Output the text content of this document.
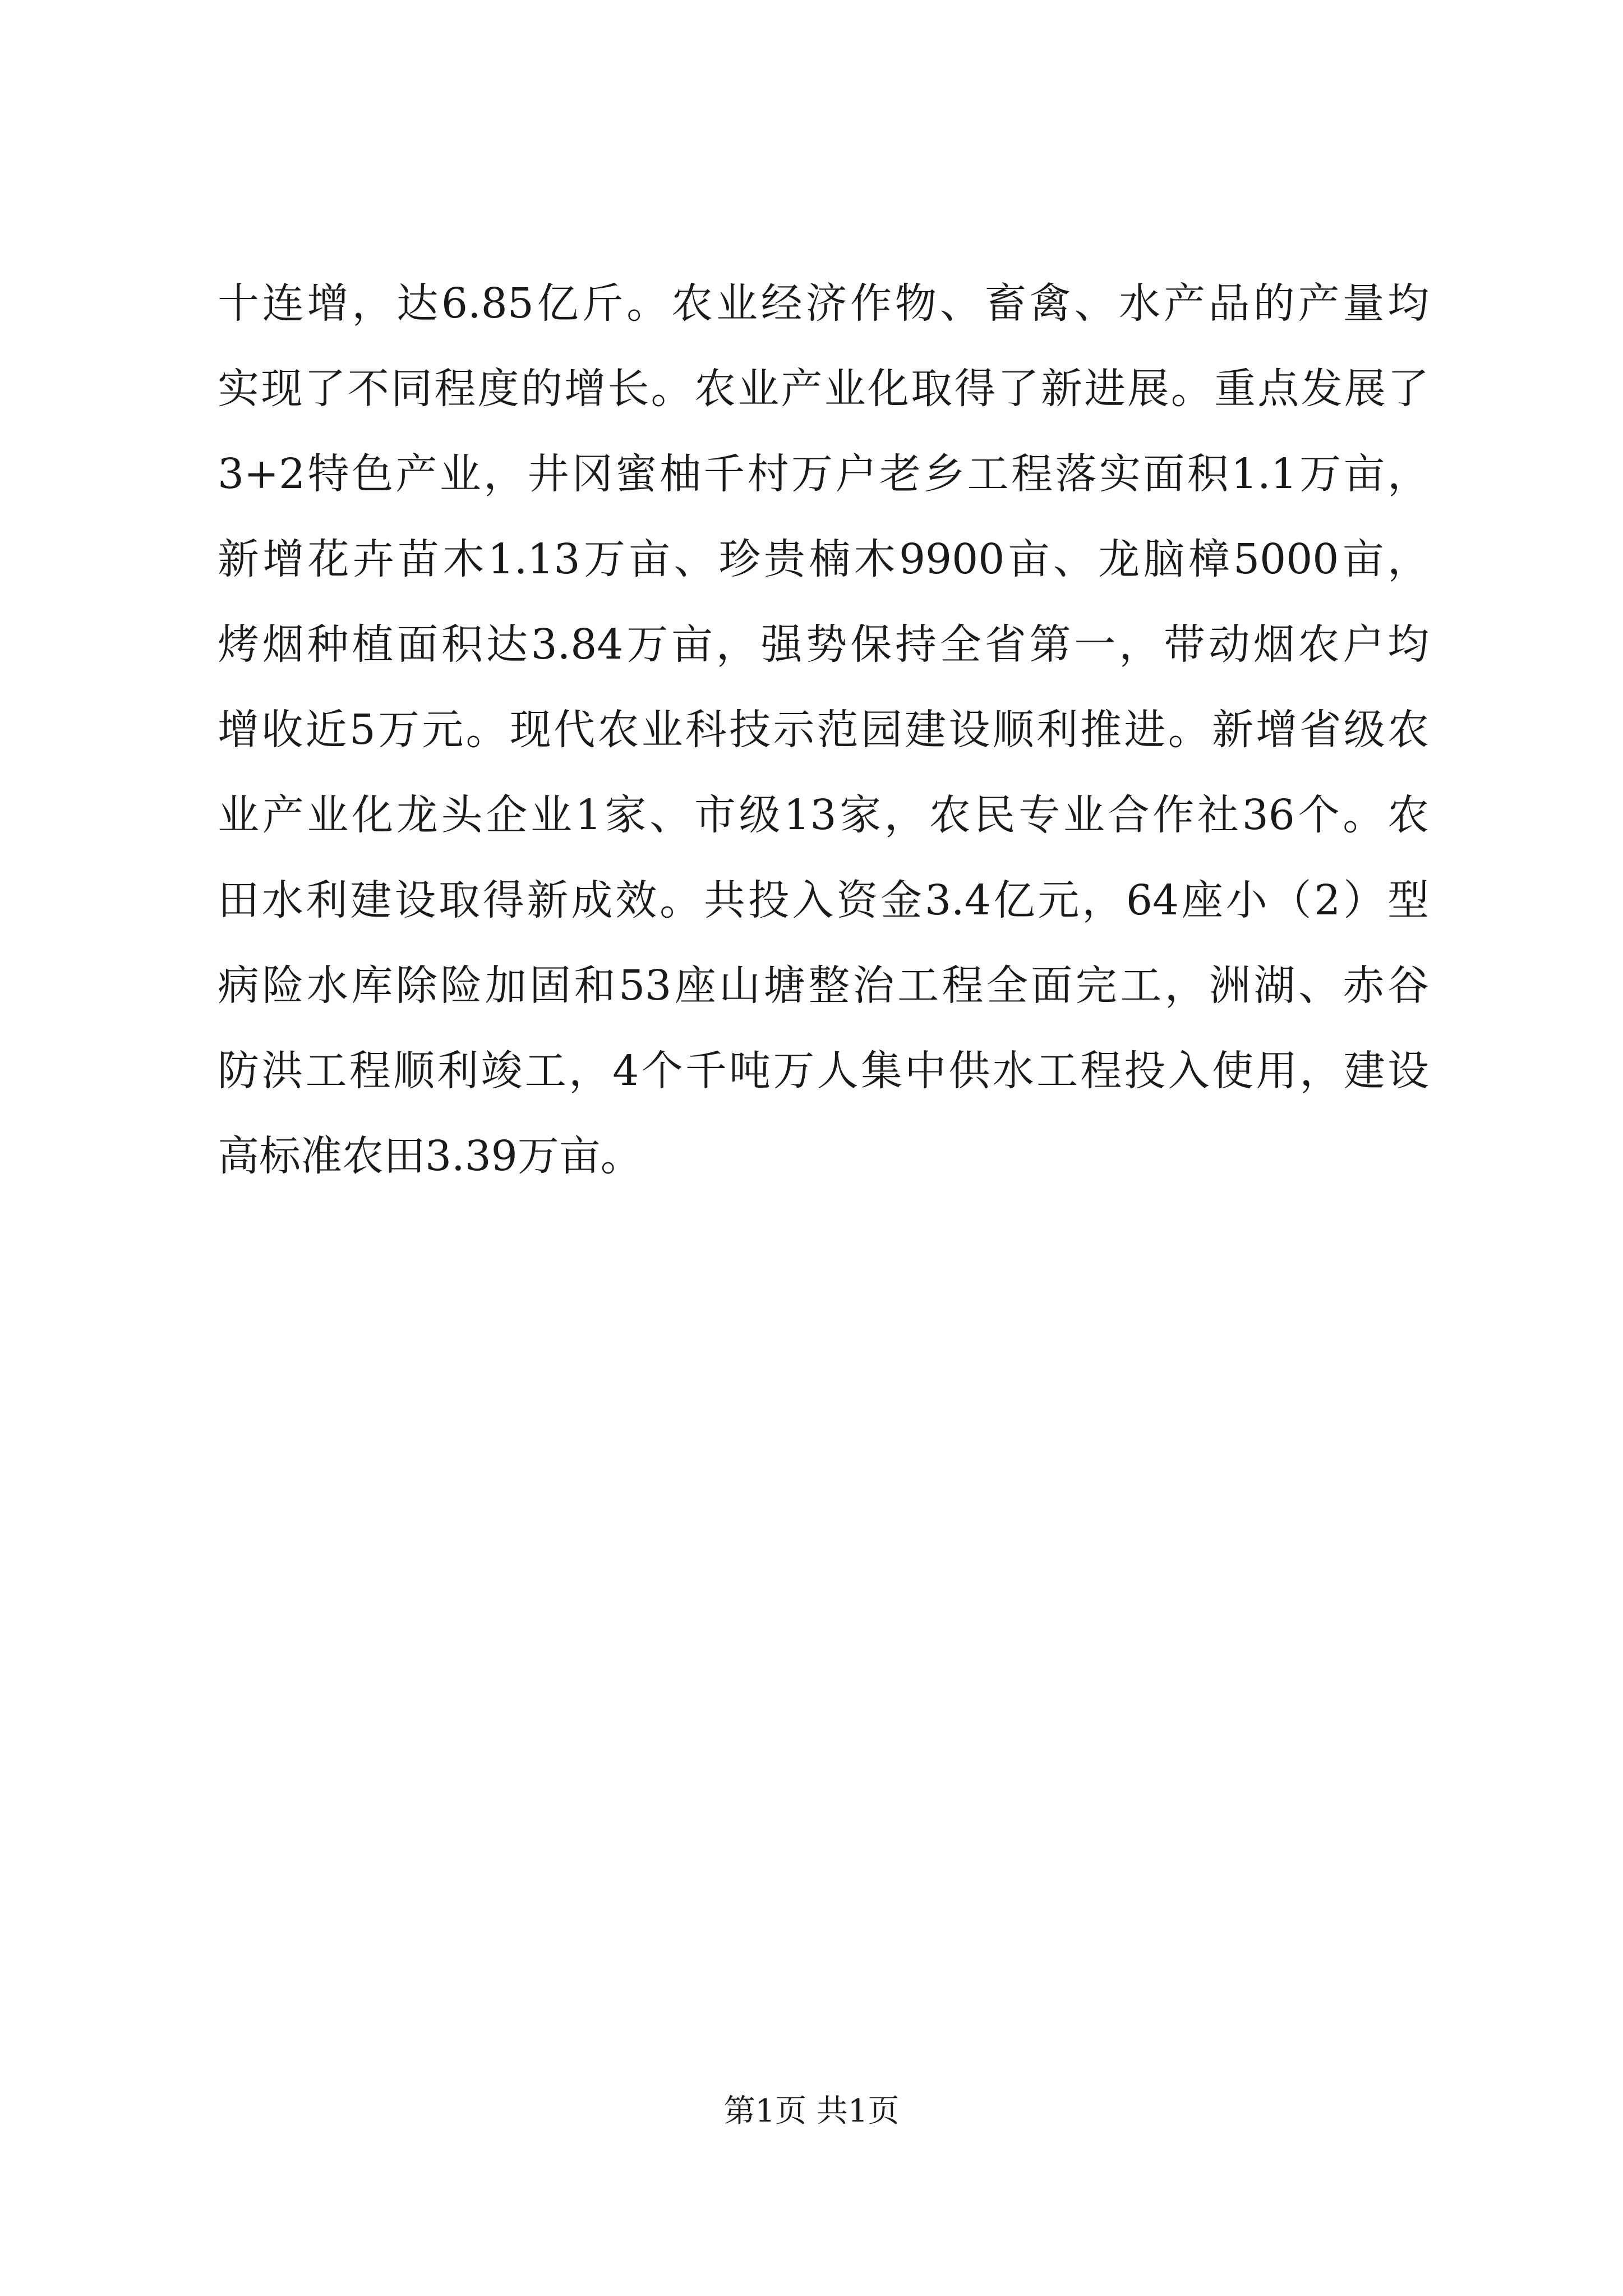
十连增，达6.85亿斤。农业经济作物、畜禽、水产品的产量均
实现了不同程度的增长。农业产业化取得了新进展。重点发展了
3+2特色产业，井冈蜜柚千村万户老乡工程落实面积1.1万亩，
新增花卉苗木1.13万亩、珍贵楠木9900亩、龙脑樟5000亩，
烤烟种植面积达3.84万亩，强势保持全省第一，带动烟农户均
增收近5万元。现代农业科技示范园建设顺利推进。新增省级农
业产业化龙头企业1家、市级13家，农民专业合作社36个。农
田水利建设取得新成效。共投入资金3.4亿元，64座小（2）型
病险水库除险加固和53座山塘整治工程全面完工，洲湖、赤谷
防洪工程顺利竣工，4个千吨万人集中供水工程投入使用，建设
高标准农田3.39万亩。
第1页 共1页
